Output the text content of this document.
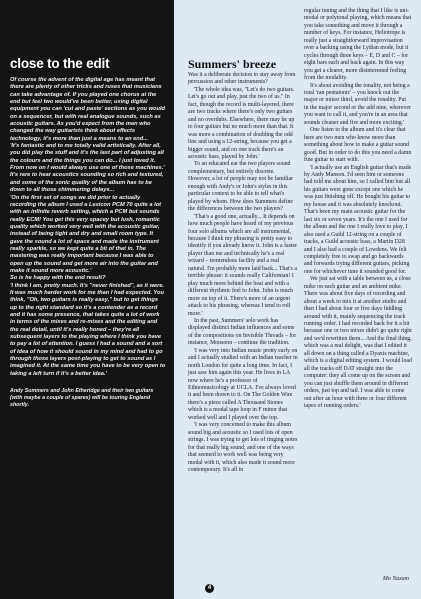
close to the edit

Of course the advent of the digital age has meant that there are plenty of other tricks and ruses that musicians can take advantage of. If you played one chorus at the end but feel two would've been better, using digital equipment you can 'cut and paste' sections as you would on a sequencer, but with real analogue sounds, such as acoustic guitars. As you'd expect from the man who changed the way guitarists think about effects technology, it's more than just a means to an end...

'It's fantastic and to me totally valid artistically. After all, you did play the stuff and it's the last part of adjusting all the colours and the things you can do... I just loved it. From now on I would always use one of those machines.'

It's rare to hear acoustics sounding so rich and textured, and some of the sonic quality of the album has to be down to all those shimmering delays...

'On the first set of songs we did prior to actually recording the album I used a Lexicon PCM 70 quite a lot with an infinite reverb setting, which a PCM but sounds really ECM! You get this very spacey but lush, romantic quality which worked very well with the acoustic guitar, instead of being tight and dry and small room type. It gave the sound a lot of space and made the instrument really sparkle, so we kept quite a bit of that in. The mastering was really important because I was able to open up the sound and get more air into the guitar and make it sound more acoustic.'

So is he happy with the end result?

'I think I am, pretty much. It's "never finished", as it were. It was much harder work for me than I had expected. You think, "Oh, two guitars is really easy," but to get things up to the right standard so it's a contender as a record and it has some presence, that takes quite a lot of work in terms of the mixes and re-mixes and the editing and the real detail, until it's really honed – they're all subsequent layers to the playing where I think you have to pay a lot of attention. I guess I had a sound and a sort of idea of how it should sound in my mind and had to go through those layers post-playing to get to sound as I imagined it. At the same time you have to be very open to taking a left turn if it's a better idea.'

Andy Summers and John Etheridge and their two guitars (with maybe a couple of spares) will be touring England shortly.
Summers' breeze

Was it a deliberate decision to stay away from percussion and other instruments?

'The whole idea was, "Let's do two guitars. Let's go out and play, just the two of us." In fact, though the record is multi-layered, there are two tracks where there's only two guitars and no overdubs. Elsewhere, there may be up to four guitars but no much more than that. It was more a combination of doubling the odd line and using a 12-string, because you get a bigger sound, and on one track there's an acoustic bass, played by John.'

To an educated ear the two players sound complementary, but entirely discrete. However, a lot of people may not be familiar enough with Andy's or John's styles in this particular context to be able to tell what's played by whom. How does Summers define the differences between the two players?

'That's a good one, actually... It depends on how much people have heard of my previous four solo albums which are all instrumental, because I think my phrasing is pretty easy to identify if you already know it. John is a faster player than me and technically he's a real wizard – tremendous facility and a real natural. I'm probably more laid back... That's a terrible phrase: it sounds really Californian! I play much more behind the beat and with a different rhythmic feel to John. John is much more on top of it. There's more of an urgent attack to his phrasing, whereas I tend to roll more.'

In the past, Summers' solo work has displayed distinct Indian influences and some of the compositions on Invisible Threads – for instance, Monsoon – continue the tradition.

'I was very into Indian music pretty early on and I actually studied with an Indian teacher in north London for quite a long time. In fact, I just saw him again this year. He lives in LA now where he's a professor of Ethnomusicology at UCLA. I've always loved it and been drawn to it. On The Golden Wire there's a piece called A Thousand Stones which is a modal tape loop in F minor that worked well and I played over the top.

'I was very concerned to make this album sound big and acoustic so I used lots of open strings. I was trying to get lots of ringing notes for that really big sound, and one of the ways that seemed to work well was being very modal with it, which also made it sound more contemporary. It's all in

regular tuning and the thing that I like is uni-modal or polytonal playing, which means that you take something and move it through a number of keys. For instance, Heliotrope is really just a straightforward improvisation over a backing using the Lydian mode, but it cycles through three keys – E, D and C – for eight bars each and back again. In this way you get a clearer, more disinterested feeling from the modality.

It's about avoiding the tonality, not being a total 'ran pentatonic' – you knock out the major or minor third, avoid the tonality. Put in the major second or the add nine, wherever you want to call it, and you're in an area that sounds cleaner and fire and more exciting.'

One listen to the album and it's clear that here are two men who know more than something about how to make a guitar sound good. But in order to do this you need a damn fine guitar to start with.

'I actually use an English guitar that's made by Andy Manson. I'd seen him or someone had told me about him, so I called him but all his guitars were gone except one which he was just finishing off. He bought his guitar to my house and it was absolutely knockout. That's been my main acoustic guitar for the last six or seven years. It's the one I used for the album and the one I really love to play. I also used a Guild 12-string on a couple of tracks, a Guild acoustic bass, a Martin D28 and I also had a couple of Lowdens. We felt completely free to swap and go backwards and forwards trying different guitars, picking one for whichever tune it sounded good for.

We just sat with a table between us, a close mike on each guitar and an ambient mike. There was about five days of recording and about a week to mix it at another studio and then I had about four or five days fiddling around with it, mainly sequencing the track running order. I had recorded back for it a bit because one or two mixes didn't go quite right and we'd rewritten them... And the final thing, which was a real delight, was that I edited it all down on a thing called a Dyaxis machine, which is a digital editing system. I would load all the tracks off DAT straight into the computer: they all come up on the screen and you can just shuffle them around in different orders, just top and tail. I was able to come out after an hour with three or four different tapes of running orders.'

Mo Nazam
4
